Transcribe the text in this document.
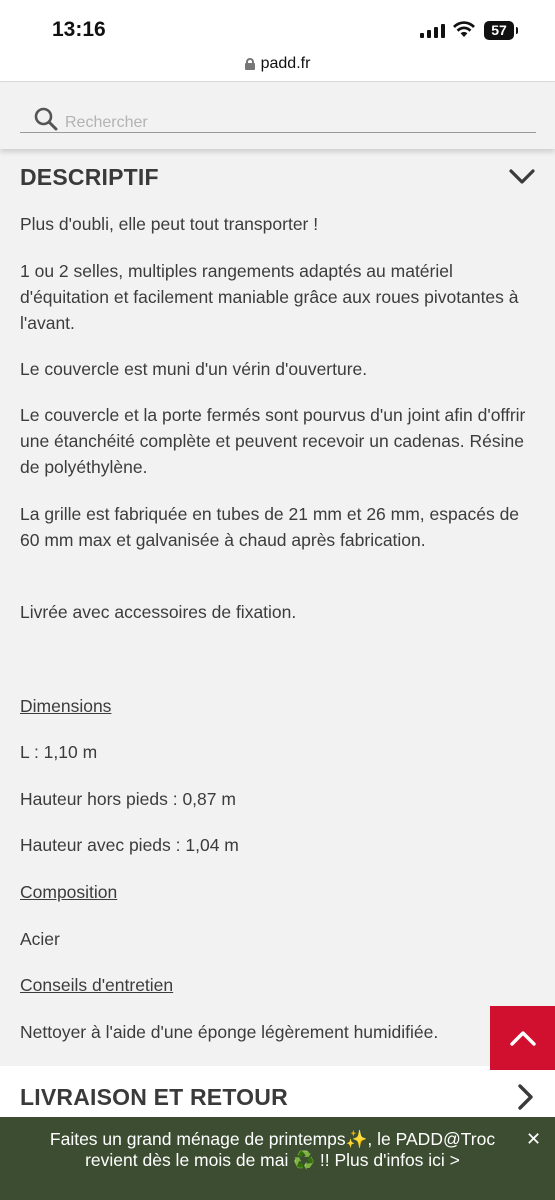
13:16	57
padd.fr
Rechercher
DESCRIPTIF

Plus d'oubli, elle peut tout transporter !

1 ou 2 selles, multiples rangements adaptés au matériel d'équitation et facilement maniable grâce aux roues pivotantes à l'avant.

Le couvercle est muni d'un vérin d'ouverture.

Le couvercle et la porte fermés sont pourvus d'un joint afin d'offrir une étanchéité complète et peuvent recevoir un cadenas. Résine de polyéthylène.

La grille est fabriquée en tubes de 21 mm et 26 mm, espacés de 60 mm max et galvanisée à chaud après fabrication.

Livrée avec accessoires de fixation.

Dimensions

L : 1,10 m

Hauteur hors pieds : 0,87 m

Hauteur avec pieds : 1,04 m

Composition

Acier

Conseils d'entretien

Nettoyer à l'aide d'une éponge légèrement humidifiée.

LIVRAISON ET RETOUR
Faites un grand ménage de printemps✨, le PADD@Troc
revient dès le mois de mai ♻️ !! Plus d'infos ici >
✕
